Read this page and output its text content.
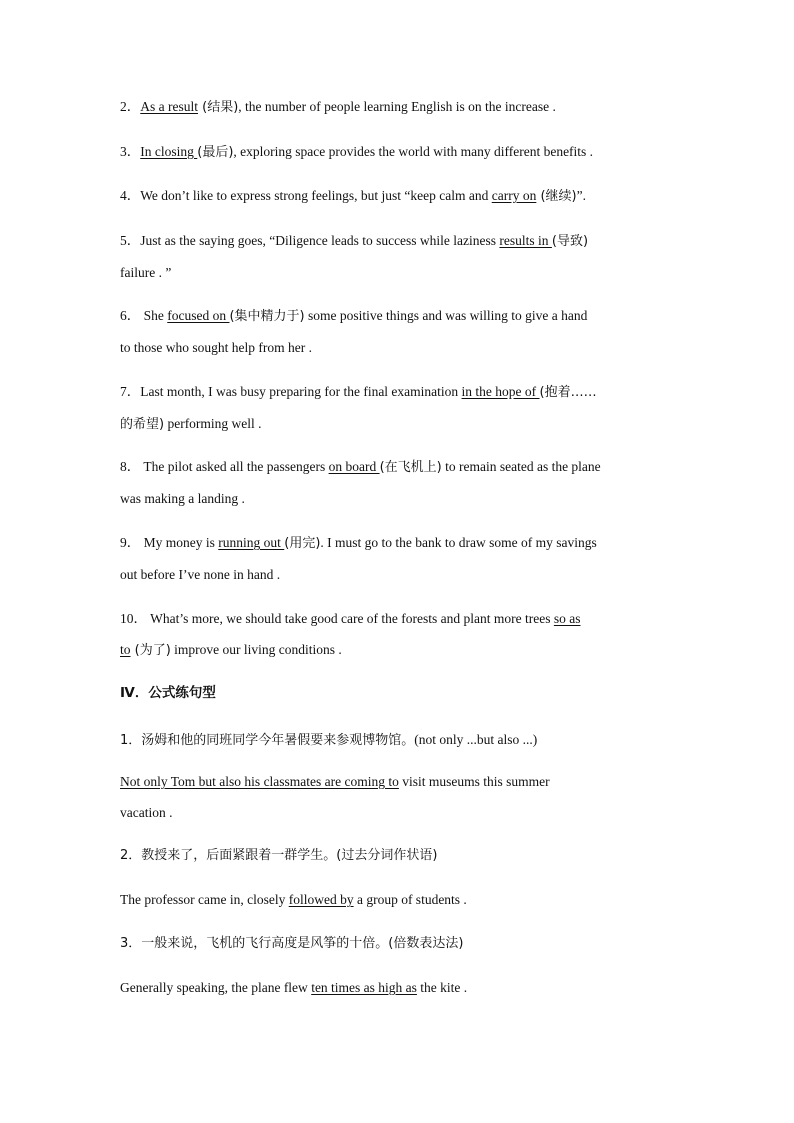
2．As a result (结果), the number of people learning English is on the increase .
3．In closing (最后), exploring space provides the world with many different benefits .
4．We don’t like to express strong feelings, but just “keep calm and carry on (继续)”.
5．Just as the saying goes, “Diligence leads to success while laziness results in (导致)
failure . ”
6． She focused on (集中精力于) some positive things and was willing to give a hand
to those who sought help from her .
7．Last month, I was busy preparing for the final examination in the hope of (抱着……
的希望) performing well .
8． The pilot asked all the passengers on board (在飞机上) to remain seated as the plane
was making a landing .
9． My money is running out (用完). I must go to the bank to draw some of my savings
out before I’ve none in hand .
10． What’s more, we should take good care of the forests and plant more trees so as
to (为了) improve our living conditions .
Ⅳ．公式练句型
1．汤姆和他的同班同学今年暑假要来参观博物馆。(not only ...but also ...)
Not only Tom but also his classmates are coming to visit museums this summer
vacation .
2．教授来了，后面紧跟着一群学生。(过去分词作状语)
The professor came in, closely followed by a group of students .
3．一般来说，飞机的飞行高度是风筝的十倍。(倍数表达法)
Generally speaking, the plane flew ten times as high as the kite .
